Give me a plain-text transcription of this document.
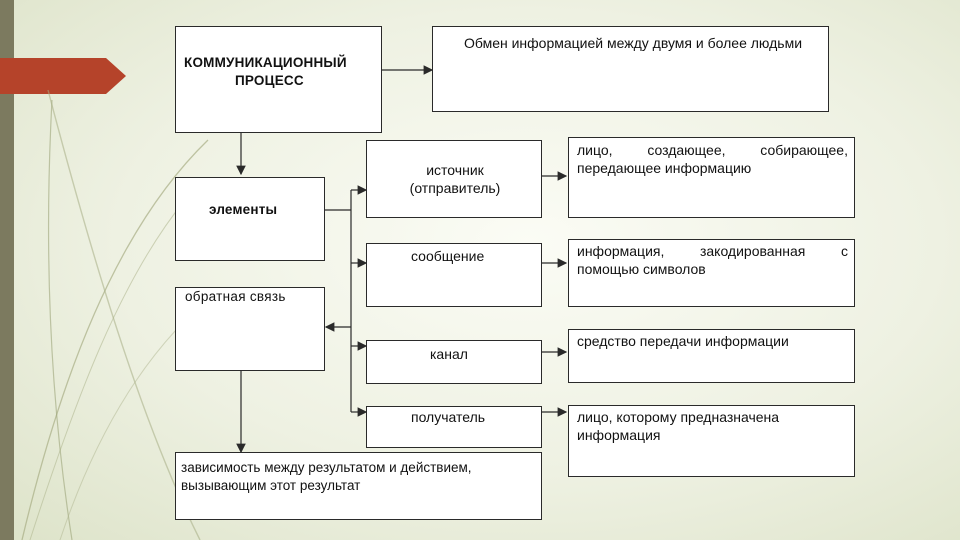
КОММУНИКАЦИОННЫЙ
ПРОЦЕСС
Обмен информацией между двумя и более людьми
элементы
обратная связь
зависимость между результатом и действием, вызывающим этот результат
источник (отправитель)
лицо, создающее, собирающее, передающее информацию
сообщение	информация, закодированная с помощью символов
канал
средство передачи информации
получатель	лицо, которому предназначена информация
